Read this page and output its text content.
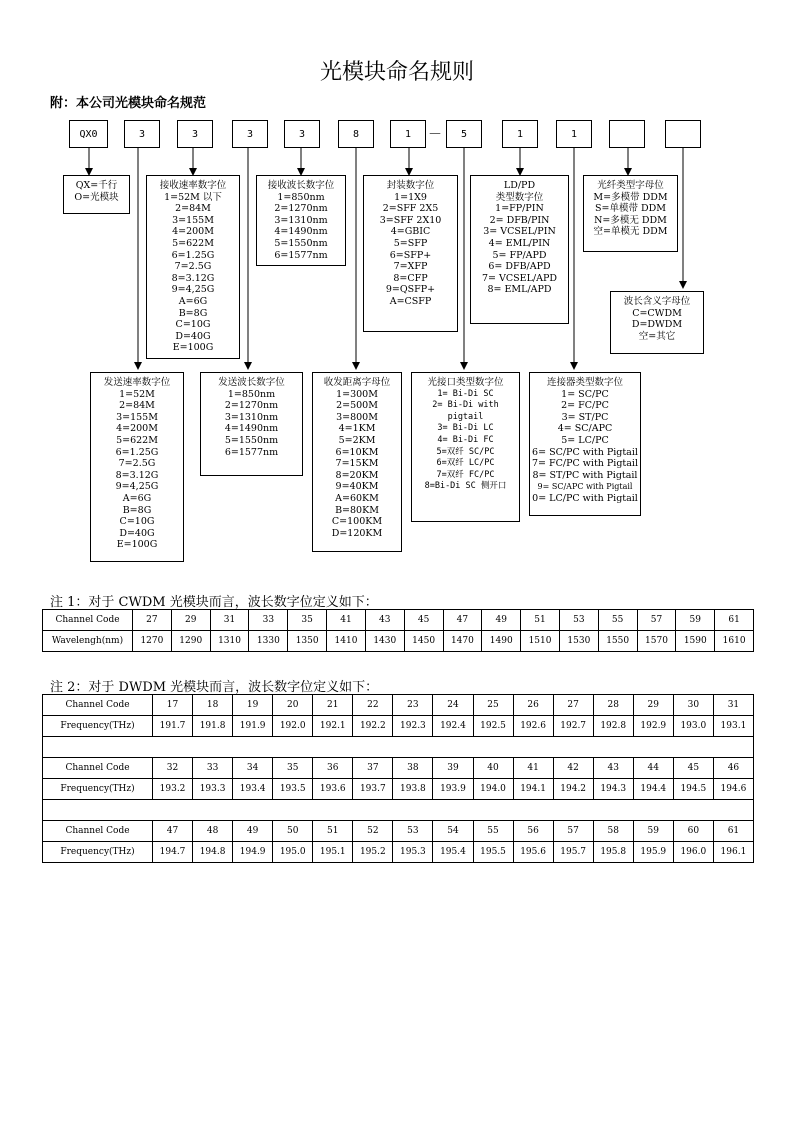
光模块命名规则
附：本公司光模块命名规范
QX0	3	3	3	3	8	1	－	5	1	1
QX=千行
O=光模块
接收速率数字位
1=52M 以下
2=84M
3=155M
4=200M
5=622M
6=1.25G
7=2.5G
8=3.12G
9=4,25G
A=6G
B=8G
C=10G
D=40G
E=100G
接收波长数字位
1=850nm
2=1270nm
3=1310nm
4=1490nm
5=1550nm
6=1577nm
封装数字位
1=1X9
2=SFF 2X5
3=SFF 2X10
4=GBIC
5=SFP
6=SFP+
7=XFP
8=CFP
9=QSFP+
A=CSFP
LD/PD
类型数字位
1=FP/PIN
2= DFB/PIN
3= VCSEL/PIN
4= EML/PIN
5= FP/APD
6= DFB/APD
7= VCSEL/APD
8= EML/APD
光纤类型字母位
M=多模带 DDM
S=单模带 DDM
N=多模无 DDM
空=单模无 DDM
波长含义字母位
C=CWDM
D=DWDM
空=其它
发送速率数字位
1=52M
2=84M
3=155M
4=200M
5=622M
6=1.25G
7=2.5G
8=3.12G
9=4,25G
A=6G
B=8G
C=10G
D=40G
E=100G
发送波长数字位
1=850nm
2=1270nm
3=1310nm
4=1490nm
5=1550nm
6=1577nm
收发距离字母位
1=300M
2=500M
3=800M
4=1KM
5=2KM
6=10KM
7=15KM
8=20KM
9=40KM
A=60KM
B=80KM
C=100KM
D=120KM
光接口类型数字位
1= Bi-Di SC
2= Bi-Di with
pigtail
3= Bi-Di LC
4= Bi-Di FC
5=双纤 SC/PC
6=双纤 LC/PC
7=双纤 FC/PC
8=Bi-Di SC 侧开口
连接器类型数字位
1= SC/PC
2= FC/PC
3= ST/PC
4= SC/APC
5= LC/PC
6= SC/PC with Pigtail
7= FC/PC with Pigtail
8= ST/PC with Pigtail
9= SC/APC with Pigtail
0= LC/PC with Pigtail
注 1：对于 CWDM 光模块而言，波长数字位定义如下：
Channel Code	27	29	31	33	35	41	43	45	47	49	51	53	55	57	59	61
Wavelengh(nm)	1270	1290	1310	1330	1350	1410	1430	1450	1470	1490	1510	1530	1550	1570	1590	1610
注 2：对于 DWDM 光模块而言，波长数字位定义如下：
Channel Code	17	18	19	20	21	22	23	24	25	26	27	28	29	30	31
Frequency(THz)	191.7	191.8	191.9	192.0	192.1	192.2	192.3	192.4	192.5	192.6	192.7	192.8	192.9	193.0	193.1

Channel Code	32	33	34	35	36	37	38	39	40	41	42	43	44	45	46
Frequency(THz)	193.2	193.3	193.4	193.5	193.6	193.7	193.8	193.9	194.0	194.1	194.2	194.3	194.4	194.5	194.6

Channel Code	47	48	49	50	51	52	53	54	55	56	57	58	59	60	61
Frequency(THz)	194.7	194.8	194.9	195.0	195.1	195.2	195.3	195.4	195.5	195.6	195.7	195.8	195.9	196.0	196.1
